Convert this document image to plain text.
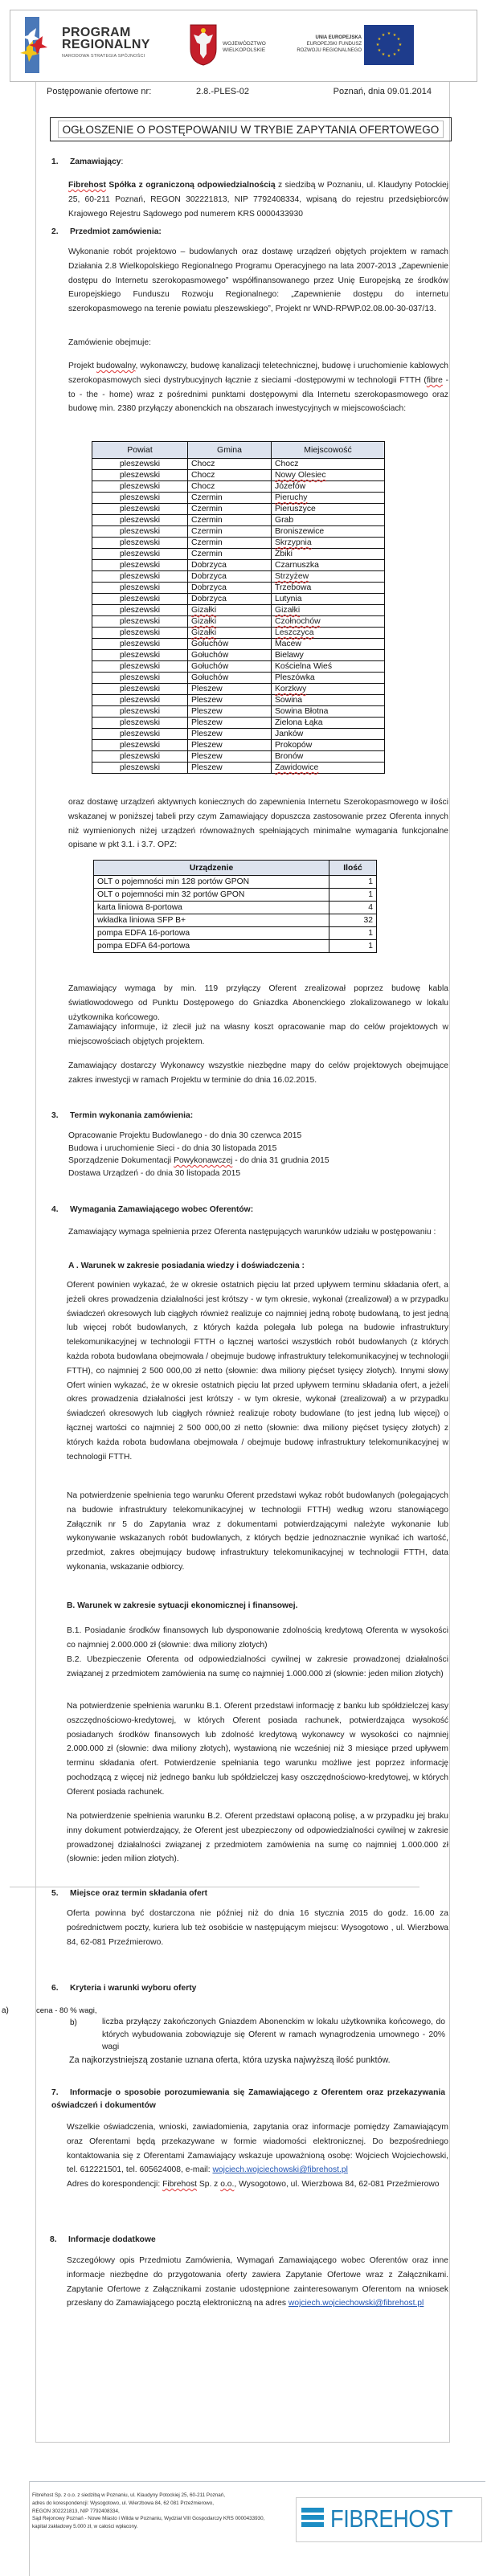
PROGRAM
REGIONALNY
NARODOWA STRATEGIA SPÓJNOŚCI
WOJEWÓDZTWO
WIELKOPOLSKIE
UNIA EUROPEJSKA
EUROPEJSKI FUNDUSZ
ROZWOJU REGIONALNEGO
★ ★
★
★
★
★
★
★
★
★
★
★
Postępowanie ofertowe nr:	2.8.-PLES-02	Poznań, dnia 09.01.2014
OGŁOSZENIE O POSTĘPOWANIU W TRYBIE ZAPYTANIA OFERTOWEGO
1. Zamawiający:
Fibrehost Spółka z ograniczoną odpowiedzialnością z siedzibą w Poznaniu, ul. Klaudyny Potockiej 25, 60-211 Poznań, REGON 302221813, NIP 7792408334, wpisaną do rejestru przedsiębiorców Krajowego Rejestru Sądowego pod numerem KRS 0000433930
2. Przedmiot zamówienia:
Wykonanie robót projektowo – budowlanych oraz dostawę urządzeń objętych projektem w ramach Działania 2.8 Wielkopolskiego Regionalnego Programu Operacyjnego na lata 2007-2013 „Zapewnienie dostępu do Internetu szerokopasmowego” współfinansowanego przez Unię Europejską ze środków Europejskiego Funduszu Rozwoju Regionalnego: „Zapewnienie dostępu do internetu szerokopasmowego na terenie powiatu pleszewskiego”, Projekt nr WND-RPWP.02.08.00-30-037/13.
Zamówienie obejmuje:
Projekt budowalny, wykonawczy, budowę kanalizacji teletechnicznej, budowę i uruchomienie kablowych szerokopasmowych sieci dystrybucyjnych łącznie z sieciami -dostępowymi w technologii FTTH (fibre - to - the - home) wraz z pośrednimi punktami dostępowymi dla Internetu szerokopasmowego oraz budowę min. 2380 przyłączy abonenckich na obszarach inwestycyjnych w miejscowościach:
Powiat	Gmina	Miejscowość
pleszewski	Chocz	Chocz
pleszewski	Chocz	Nowy Olesiec
pleszewski	Chocz	Józefów
pleszewski	Czermin	Pieruchy
pleszewski	Czermin	Pieruszyce
pleszewski	Czermin	Grab
pleszewski	Czermin	Broniszewice
pleszewski	Czermin	Skrzypnia
pleszewski	Czermin	Zbiki
pleszewski	Dobrzyca	Czarnuszka
pleszewski	Dobrzyca	Strzyżew
pleszewski	Dobrzyca	Trzebowa
pleszewski	Dobrzyca	Lutynia
pleszewski	Gizałki	Gizałki
pleszewski	Gizałki	Czołnochów
pleszewski	Gizałki	Leszczyca
pleszewski	Gołuchów	Macew
pleszewski	Gołuchów	Bielawy
pleszewski	Gołuchów	Kościelna Wieś
pleszewski	Gołuchów	Pleszówka
pleszewski	Pleszew	Korzkwy
pleszewski	Pleszew	Sowina
pleszewski	Pleszew	Sowina Błotna
pleszewski	Pleszew	Zielona Łąka
pleszewski	Pleszew	Janków
pleszewski	Pleszew	Prokopów
pleszewski	Pleszew	Bronów
pleszewski	Pleszew	Zawidowice
oraz dostawę urządzeń aktywnych koniecznych do zapewnienia Internetu Szerokopasmowego w ilości wskazanej w poniższej tabeli przy czym Zamawiający dopuszcza zastosowanie przez Oferenta innych niż wymienionych niżej urządzeń równoważnych spełniających minimalne wymagania funkcjonalne opisane w pkt 3.1. i 3.7. OPZ:
Urządzenie	Ilość
OLT o pojemności min 128 portów GPON	1
OLT o pojemności min 32 portów GPON	1
karta liniowa 8-portowa	4
wkładka liniowa SFP B+	32
pompa EDFA 16-portowa	1
pompa EDFA 64-portowa	1
Zamawiający wymaga by min. 119 przyłączy Oferent zrealizował poprzez budowę kabla światłowodowego od Punktu Dostępowego do Gniazdka Abonenckiego zlokalizowanego w lokalu użytkownika końcowego.
Zamawiający informuje, iż zlecił już na własny koszt opracowanie map do celów projektowych w miejscowościach objętych projektem.
Zamawiający dostarczy Wykonawcy wszystkie niezbędne mapy do celów projektowych obejmujące zakres inwestycji w ramach Projektu w terminie do dnia 16.02.2015.
3. Termin wykonania zamówienia:
Opracowanie Projektu Budowlanego - do dnia 30 czerwca 2015
Budowa i uruchomienie Sieci - do dnia 30 listopada 2015
Sporządzenie Dokumentacji Powykonawczej - do dnia 31 grudnia 2015
Dostawa Urządzeń - do dnia 30 listopada 2015
4. Wymagania Zamawiającego wobec Oferentów:
Zamawiający wymaga spełnienia przez Oferenta następujących warunków udziału w postępowaniu :
A . Warunek w zakresie posiadania wiedzy i doświadczenia :
Oferent powinien wykazać, że w okresie ostatnich pięciu lat przed upływem terminu składania ofert, a jeżeli okres prowadzenia działalności jest krótszy - w tym okresie, wykonał (zrealizował) a w przypadku świadczeń okresowych lub ciągłych również realizuje co najmniej jedną robotę budowlaną, to jest jedną lub więcej robót budowlanych, z których każda polegała lub polega na budowie infrastruktury telekomunikacyjnej w technologii FTTH o łącznej wartości wszystkich robót budowlanych (z których każda robota budowlana obejmowała / obejmuje budowę infrastruktury telekomunikacyjnej w technologii FTTH), co najmniej 2 500 000,00 zł netto (słownie: dwa miliony pięćset tysięcy złotych). Innymi słowy Ofert winien wykazać, że w okresie ostatnich pięciu lat przed upływem terminu składania ofert, a jeżeli okres prowadzenia działalności jest krótszy - w tym okresie, wykonał (zrealizował) a w przypadku świadczeń okresowych lub ciągłych również realizuje roboty budowlane (to jest jedną lub więcej) o łącznej wartości co najmniej 2 500 000,00 zł netto (słownie: dwa miliony pięćset tysięcy złotych) z których każda robota budowlana obejmowała / obejmuje budowę infrastruktury telekomunikacyjnej w technologii FTTH.
Na potwierdzenie spełnienia tego warunku Oferent przedstawi wykaz robót budowlanych (polegających na budowie infrastruktury telekomunikacyjnej w technologii FTTH) według wzoru stanowiącego Załącznik nr 5 do Zapytania wraz z dokumentami potwierdzającymi należyte wykonanie lub wykonywanie wskazanych robót budowlanych, z których będzie jednoznacznie wynikać ich wartość, przedmiot, zakres obejmujący budowę infrastruktury telekomunikacyjnej w technologii FTTH, data wykonania, wskazanie odbiorcy.
B. Warunek w zakresie sytuacji ekonomicznej i finansowej.
B.1. Posiadanie środków finansowych lub dysponowanie zdolnością kredytową Oferenta w wysokości co najmniej 2.000.000 zł (słownie: dwa miliony złotych)
B.2. Ubezpieczenie Oferenta od odpowiedzialności cywilnej w zakresie prowadzonej działalności związanej z przedmiotem zamówienia na sumę co najmniej 1.000.000 zł (słownie: jeden milion złotych)
Na potwierdzenie spełnienia warunku B.1. Oferent przedstawi informację z banku lub spółdzielczej kasy oszczędnościowo-kredytowej, w których Oferent posiada rachunek, potwierdzająca wysokość posiadanych środków finansowych lub zdolność kredytową wykonawcy w wysokości co najmniej 2.000.000 zł (słownie: dwa miliony złotych), wystawioną nie wcześniej niż 3 miesiące przed upływem terminu składania ofert. Potwierdzenie spełniania tego warunku możliwe jest poprzez informację pochodzącą z więcej niż jednego banku lub spółdzielczej kasy oszczędnościowo-kredytowej, w których Oferent posiada rachunek.
Na potwierdzenie spełnienia warunku B.2. Oferent przedstawi opłaconą polisę, a w przypadku jej braku inny dokument potwierdzający, że Oferent jest ubezpieczony od odpowiedzialności cywilnej w zakresie prowadzonej działalności związanej z przedmiotem zamówienia na sumę co najmniej 1.000.000 zł (słownie: jeden milion złotych).
5. Miejsce oraz termin składania ofert
Oferta powinna być dostarczona nie później niż do dnia 16 stycznia 2015 do godz. 16.00 za pośrednictwem poczty, kuriera lub też osobiście w następującym miejscu: Wysogotowo , ul. Wierzbowa 84, 62-081 Przeźmierowo.
6. Kryteria i warunki wyboru oferty
a)	cena - 80 % wagi,
b)	liczba przyłączy zakończonych Gniazdem Abonenckim w lokalu użytkownika końcowego, do których wybudowania zobowiązuje się Oferent w ramach wynagrodzenia umownego - 20% wagi
Za najkorzystniejszą zostanie uznana oferta, która uzyska najwyższą ilość punktów.
7. Informacje o sposobie porozumiewania się Zamawiającego z Oferentem oraz przekazywania oświadczeń i dokumentów
Wszelkie oświadczenia, wnioski, zawiadomienia, zapytania oraz informacje pomiędzy Zamawiającym oraz Oferentami będą przekazywane w formie wiadomości elektronicznej. Do bezpośredniego kontaktowania się z Oferentami Zamawiający wskazuje upoważnioną osobę: Wojciech Wojciechowski, tel. 612221501, tel. 605624008, e-mail: wojciech.wojciechowski@fibrehost.pl
Adres do korespondencji: Fibrehost Sp. z o.o., Wysogotowo, ul. Wierzbowa 84, 62-081 Przeźmierowo
8. Informacje dodatkowe
Szczegółowy opis Przedmiotu Zamówienia, Wymagań Zamawiającego wobec Oferentów oraz inne informacje niezbędne do przygotowania oferty zawiera Zapytanie Ofertowe wraz z Załącznikami. Zapytanie Ofertowe z Załącznikami zostanie udostępnione zainteresowanym Oferentom na wniosek przesłany do Zamawiającego pocztą elektroniczną na adres wojciech.wojciechowski@fibrehost.pl
Fibrehost Sp. z o.o. z siedzibą w Poznaniu, ul. Klaudyny Potockiej 25, 60-211 Poznań,
adres do korespondencji: Wysogotowo, ul. Wierzbowa 84, 62 081 Przeźmierowo,
REGON 302221813, NIP 7792408334,
Sąd Rejonowy Poznań - Nowe Miasto i Wilda w Poznaniu, Wydział VIII Gospodarczy KRS 0000433930,
kapitał zakładowy 5.000 zł, w całości wpłacony.	FIBREHOST
